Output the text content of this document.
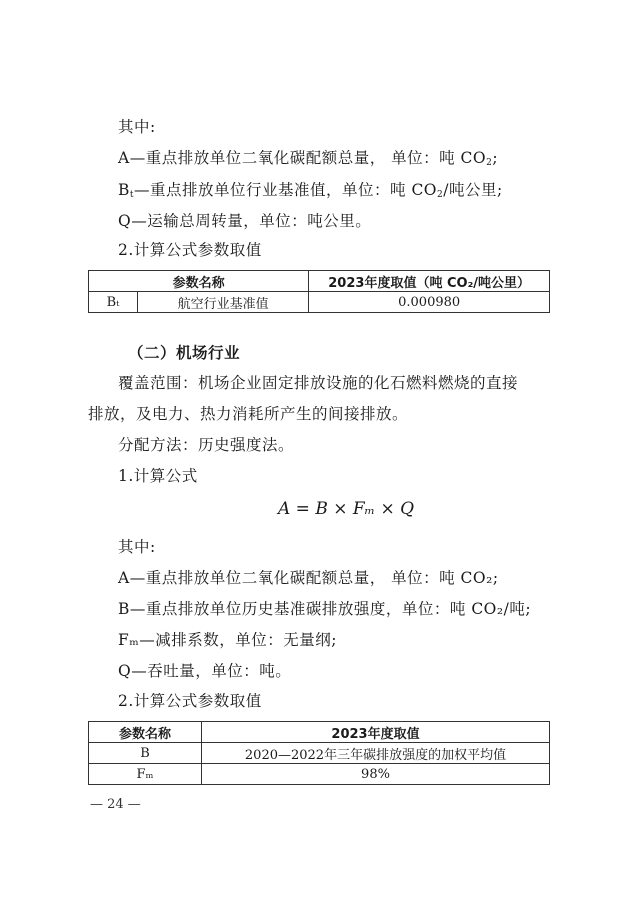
其中:
A—重点排放单位二氧化碳配额总量， 单位：吨 $CO_2$;
$B_t—$重点排放单位行业基准值，单位：吨 $CO_2/$吨公里;
Q—运输总周转量，单位：吨公里。
2.计算公式参数取值
参数名称		2023年度取值（吨 CO₂/吨公里）
Bₜ	航空行业基准值	0.000980
（二）机场行业
覆盖范围：机场企业固定排放设施的化石燃料燃烧的直接
排放，及电力、热力消耗所产生的间接排放。
分配方法：历史强度法。
1.计算公式
A = B × Fₘ × Q
其中:
A—重点排放单位二氧化碳配额总量， 单位：吨 CO₂;
B—重点排放单位历史基准碳排放强度，单位：吨 CO₂/吨;
Fₘ—减排系数，单位：无量纲;
Q—吞吐量，单位：吨。
2.计算公式参数取值
参数名称	2023年度取值
B	2020—2022年三年碳排放强度的加权平均值
Fₘ	98%
— 24 —
